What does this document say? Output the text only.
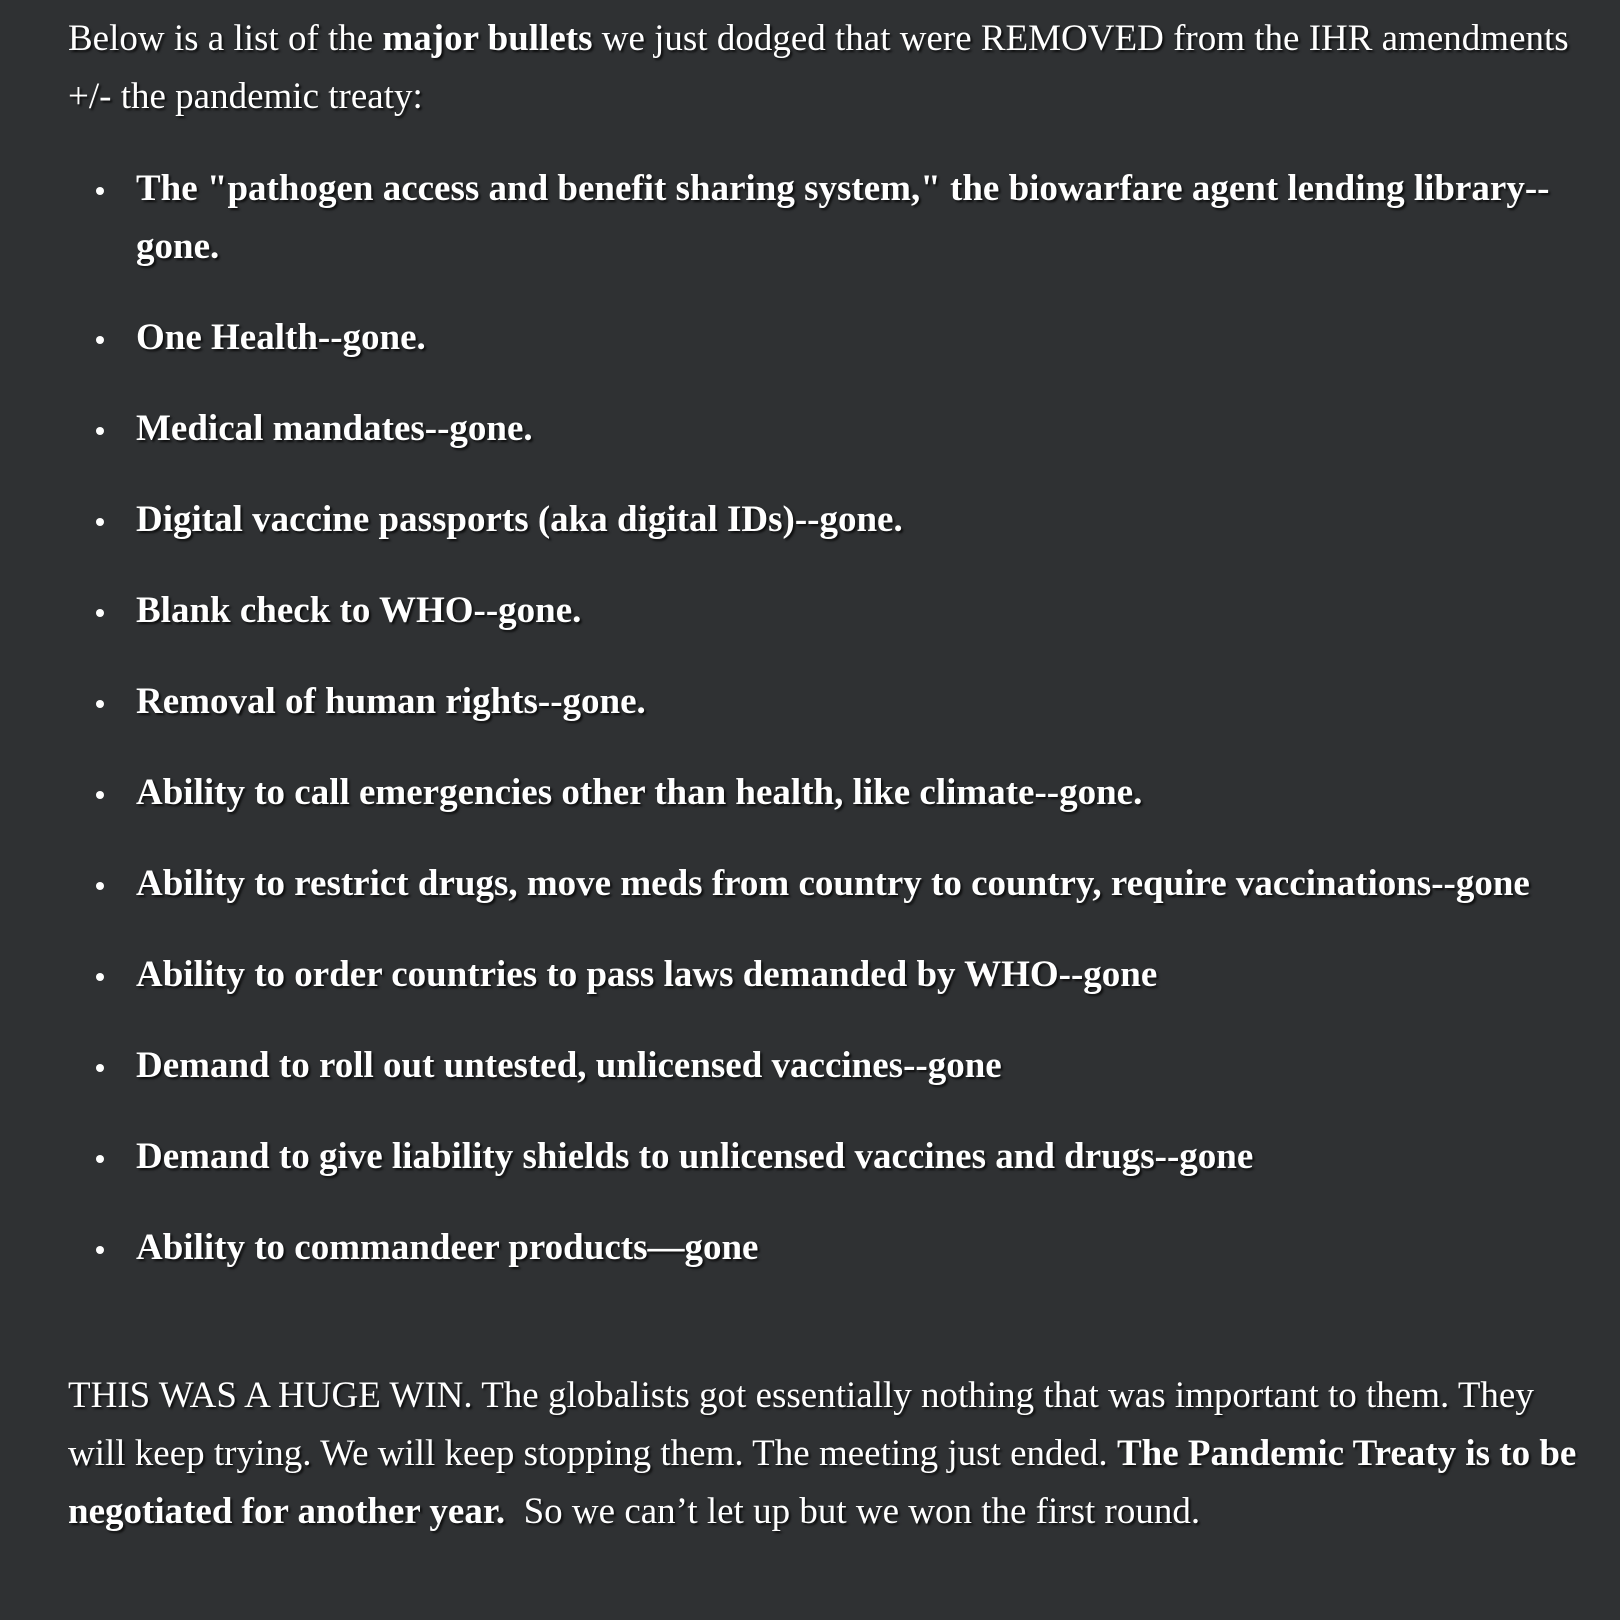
Below is a list of the major bullets we just dodged that were REMOVED from the IHR amendments +/- the pandemic treaty:

The "pathogen access and benefit sharing system," the biowarfare agent lending library--gone.
One Health--gone.
Medical mandates--gone.
Digital vaccine passports (aka digital IDs)--gone.
Blank check to WHO--gone.
Removal of human rights--gone.
Ability to call emergencies other than health, like climate--gone.
Ability to restrict drugs, move meds from country to country, require vaccinations--gone
Ability to order countries to pass laws demanded by WHO--gone
Demand to roll out untested, unlicensed vaccines--gone
Demand to give liability shields to unlicensed vaccines and drugs--gone
Ability to commandeer products—gone

THIS WAS A HUGE WIN. The globalists got essentially nothing that was important to them. They will keep trying. We will keep stopping them. The meeting just ended. The Pandemic Treaty is to be negotiated for another year.  So we can’t let up but we won the first round.
